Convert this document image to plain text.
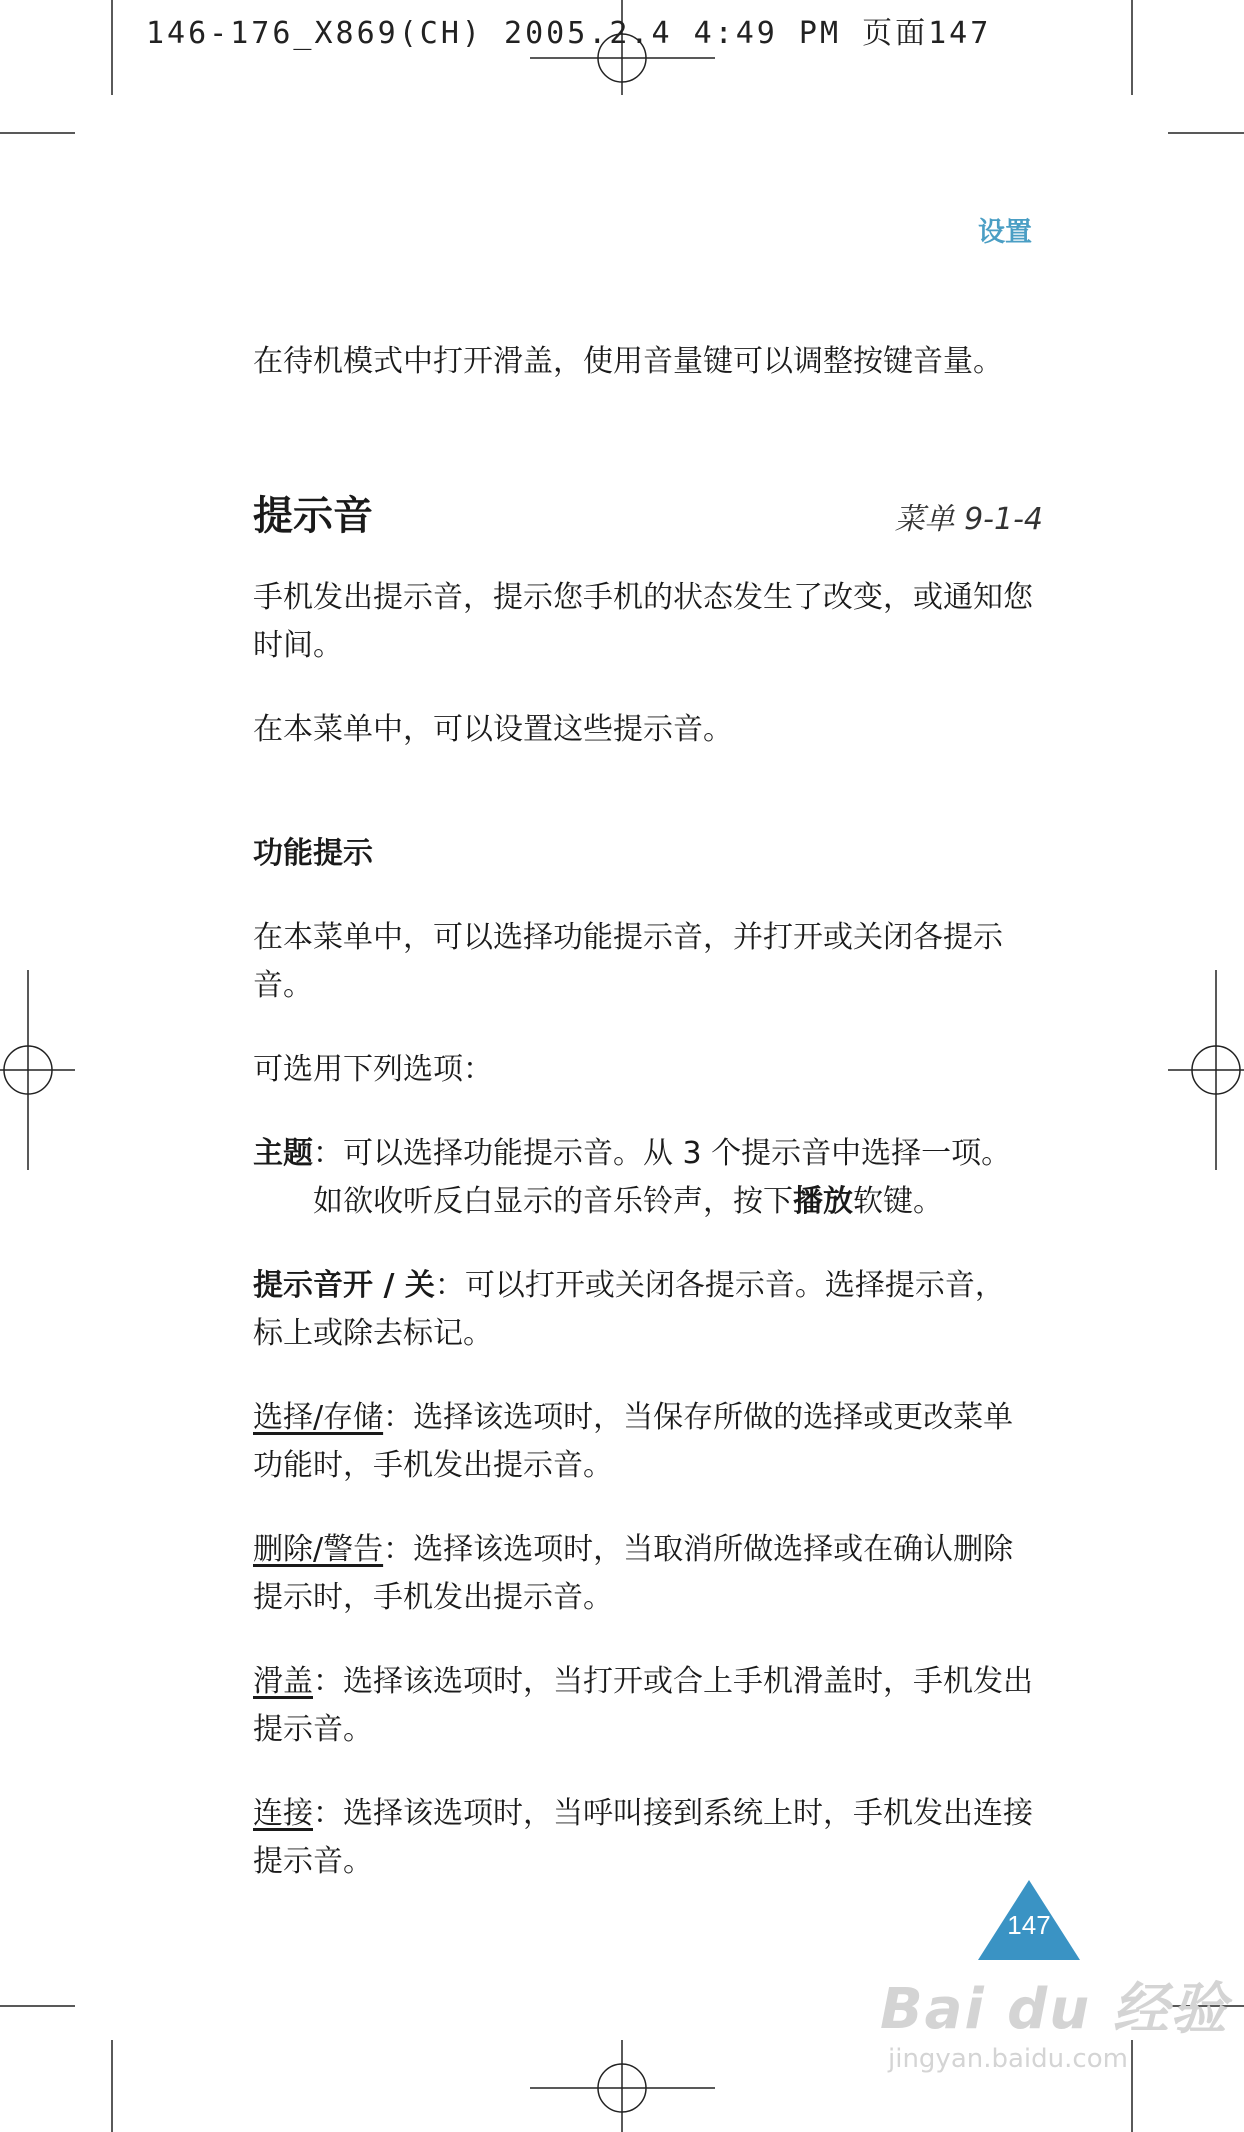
146-176_X869(CH) 2005.2.4 4:49 PM 页面147
设置

在待机模式中打开滑盖，使用音量键可以调整按键音量。

提示音	菜单 9-1-4

手机发出提示音，提示您手机的状态发生了改变，或通知您时间。

在本菜单中，可以设置这些提示音。

功能提示

在本菜单中，可以选择功能提示音，并打开或关闭各提示音。

可选用下列选项：

主题 ：可以选择功能提示音。从 3 个提示音中选择一项。如欲收听反白显示的音乐铃声，按下播放软键。

提示音开 / 关：可以打开或关闭各提示音。选择提示音，标上或除去标记。

选择/存储：选择该选项时，当保存所做的选择或更改菜单功能时，手机发出提示音。

删除/警告：选择该选项时，当取消所做选择或在确认删除提示时，手机发出提示音。

滑盖：选择该选项时，当打开或合上手机滑盖时，手机发出提示音。

连接：选择该选项时，当呼叫接到系统上时，手机发出连接提示音。

147
Bai du 经验
jingyan.baidu.com
